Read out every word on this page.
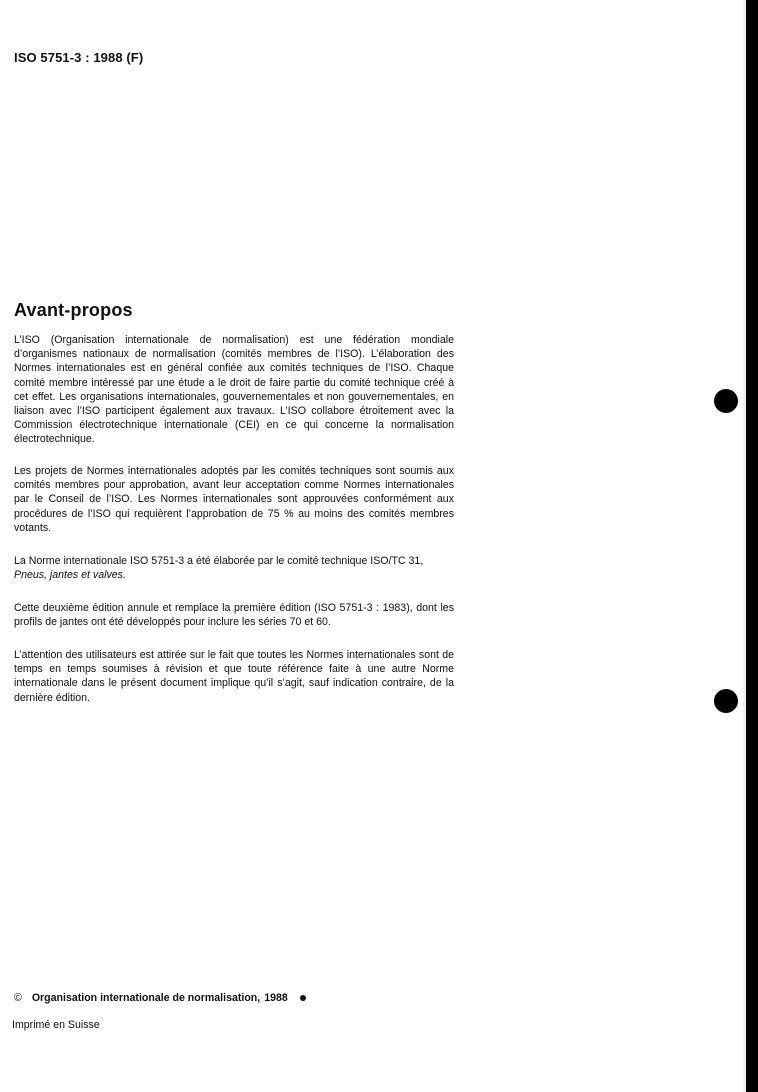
ISO 5751-3 : 1988 (F)
Avant-propos

L’ISO (Organisation internationale de normalisation) est une fédération mondiale d’organismes nationaux de normalisation (comités membres de l’ISO). L’élaboration des Normes internationales est en général confiée aux comités techniques de l’ISO. Chaque comité membre intéressé par une étude a le droit de faire partie du comité technique créé à cet effet. Les organisations internationales, gouvernementales et non gouvernementales, en liaison avec l’ISO participent également aux travaux. L’ISO collabore étroitement avec la Commission électrotechnique internationale (CEI) en ce qui concerne la normalisation électrotechnique.

Les projets de Normes internationales adoptés par les comités techniques sont soumis aux comités membres pour approbation, avant leur acceptation comme Normes internationales par le Conseil de l’ISO. Les Normes internationales sont approuvées conformément aux procédures de l’ISO qui requièrent l’approbation de 75 % au moins des comités membres votants.

La Norme internationale ISO 5751-3 a été élaborée par le comité technique ISO/TC 31,
Pneus, jantes et valves.

Cette deuxième édition annule et remplace la première édition (ISO 5751-3 : 1983), dont les profils de jantes ont été développés pour inclure les séries 70 et 60.

L’attention des utilisateurs est attirée sur le fait que toutes les Normes internationales sont de temps en temps soumises à révision et que toute référence faite à une autre Norme internationale dans le présent document implique qu’il s’agit, sauf indication contraire, de la dernière édition.

© Organisation internationale de normalisation, 1988
Imprimé en Suisse
